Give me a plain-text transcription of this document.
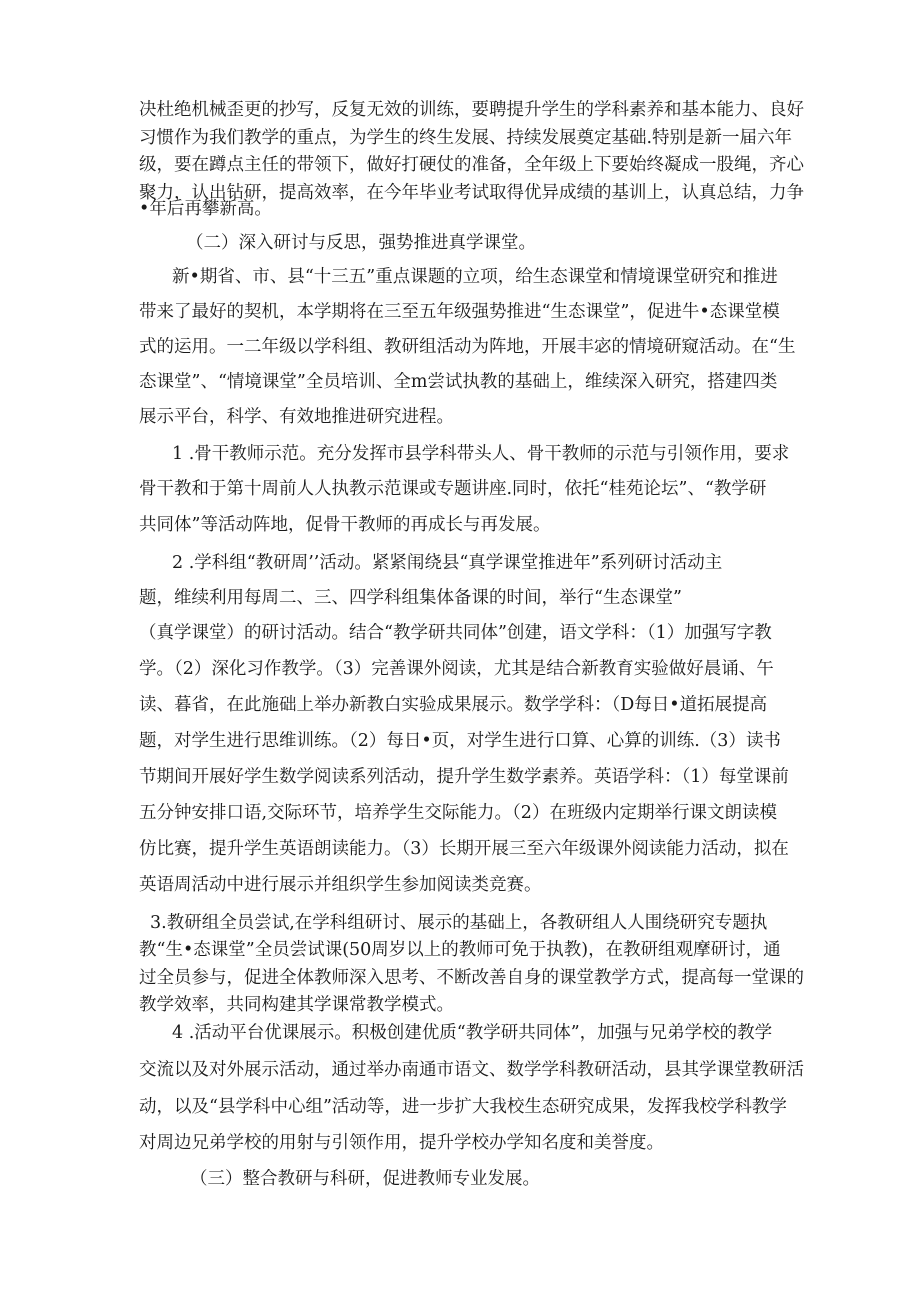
决杜绝机械歪更的抄写，反复无效的训练，要聘提升学生的学科素养和基本能力、良好
习惯作为我们教学的重点，为学生的终生发展、持续发展奠定基础.特别是新一届六年
级，要在蹲点主任的带领下，做好打硬仗的准备，全年级上下要始终凝成一股绳，齐心
聚力，认出钻研，提高效率，在今年毕业考试取得优异成绩的基训上，认真总结，力争
•年后再攀新高。
（二）深入研讨与反思，强势推进真学课堂。
新•期省、市、县“十三五”重点课题的立项，给生态课堂和情境课堂研究和推进
带来了最好的契机，本学期将在三至五年级强势推进“生态课堂”，促进牛•态课堂模
式的运用。一二年级以学科组、教研组活动为阵地，开展丰宓的情境研窥活动。在“生
态课堂”、“情境课堂”全员培训、全m尝试执教的基础上，维续深入研究，搭建四类
展示平台，科学、有效地推进研究进程。
1 .骨干教师示范。充分发挥市县学科带头人、骨干教师的示范与引领作用，要求
骨干教和于第十周前人人执教示范课或专题讲座.同时，依托“桂苑论坛”、“教学研
共同体”等活动阵地，促骨干教师的再成长与再发展。
2 .学科组“教研周’’活动。紧紧闱绕县“真学课堂推进年”系列研讨活动主
题，维续利用每周二、三、四学科组集体备课的时间，举行“生态课堂”
（真学课堂）的研讨活动。结合“教学研共同体”创建，语文学科：（1）加强写字教
学。（2）深化习作教学。（3）完善课外阅读，尤其是结合新教育实验做好晨诵、午
读、暮省，在此施础上举办新教白实验成果展示。数学学科：（D每日•道拓展提高
题，对学生进行思维训练。（2）每日•页，对学生进行口算、心算的训练.（3）读书
节期间开展好学生数学阅读系列活动，提升学生数学素养。英语学科：（1）每堂课前
五分钟安排口语,交际环节，培养学生交际能力。（2）在班级内定期举行课文朗读模
仿比赛，提升学生英语朗读能力。（3）长期开展三至六年级课外阅读能力活动，拟在
英语周活动中进行展示并组织学生参加阅读类竞赛。
3.教研组全员尝试,在学科组研讨、展示的基础上，各教研组人人围绕研究专题执
教“生•态课堂”全员尝试课(50周岁以上的教师可免于执教)，在教研组观摩研讨，通
过全员参与，促进全体教师深入思考、不断改善自身的课堂教学方式，提高每一堂课的
教学效率，共同构建其学课常教学模式。
4 .活动平台优课展示。积极创建优质“教学研共同体”，加强与兄弟学校的教学
交流以及对外展示活动，通过举办南通市语文、数学学科教研活动，县其学课堂教研活
动，以及“县学科中心组”活动等，进一步扩大我校生态研究成果，发挥我校学科教学
对周边兄弟学校的用射与引领作用，提升学校办学知名度和美誉度。
（三）整合教研与科研，促进教师专业发展。
